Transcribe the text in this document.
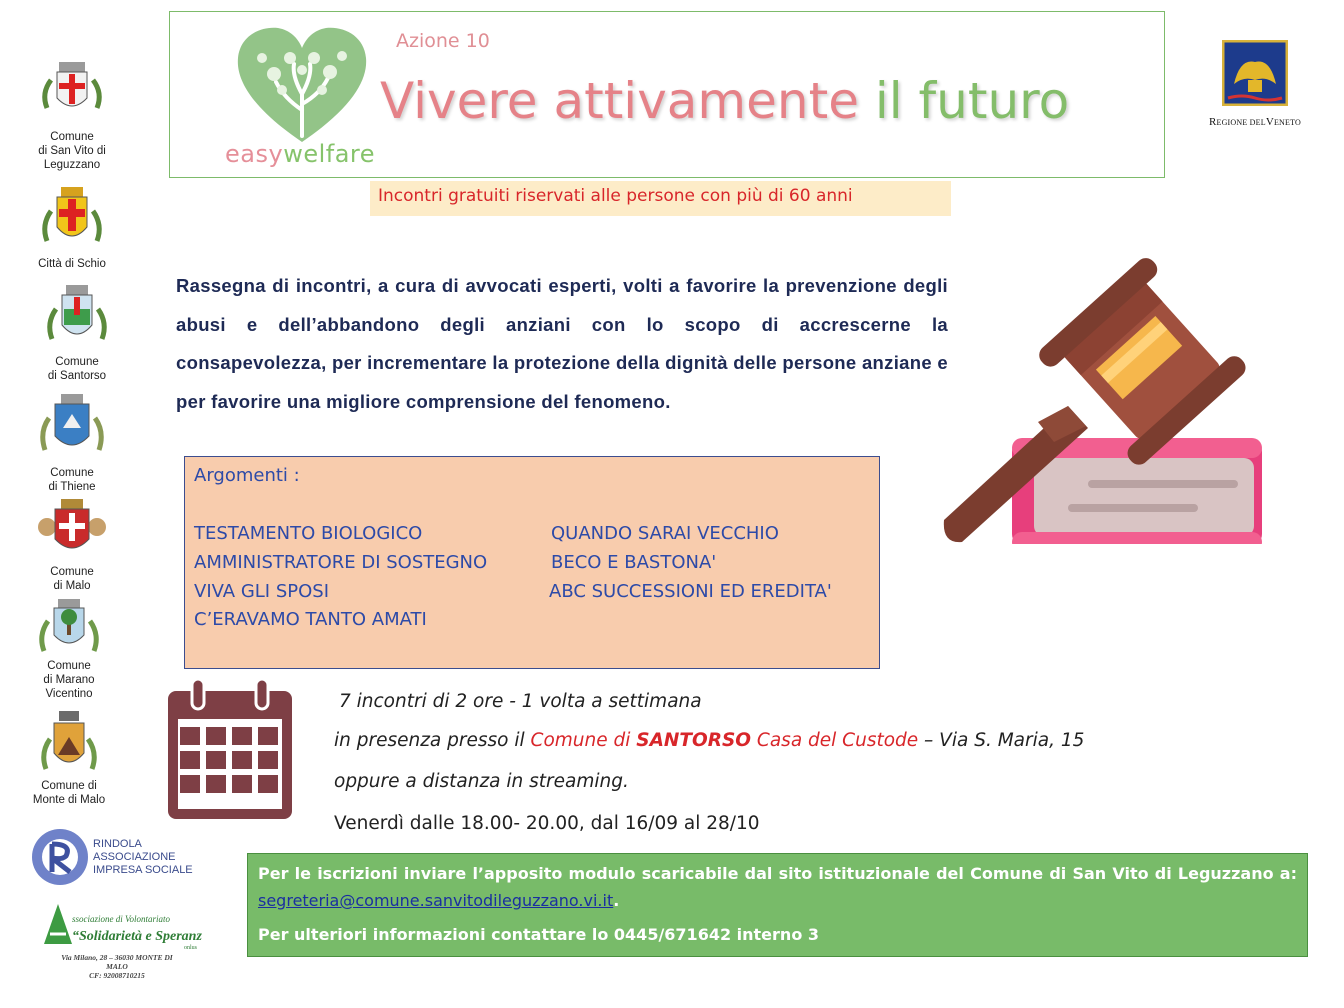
Comune
di San Vito di
Leguzzano
Città di Schio
Comune
di Santorso
Comune
di Thiene
Comune
di Malo
Comune
di Marano
Vicentino
Comune di
Monte di Malo
easywelfare
Azione 10
Vivere attivamente il futuro	REGIONE DELVENETO
Incontri gratuiti riservati alle persone con più di 60 anni
Rassegna di incontri, a cura di avvocati esperti, volti a favorire la prevenzione degli abusi e dell’abbandono degli anziani con lo scopo di accrescerne la consapevolezza, per incrementare la protezione della dignità delle persone anziane e per favorire una migliore comprensione del fenomeno.
Argomenti :
TESTAMENTO BIOLOGICO
AMMINISTRATORE DI SOSTEGNO
VIVA GLI SPOSI
C’ERAVAMO TANTO AMATI
QUANDO SARAI VECCHIO
BECO E BASTONA'
ABC SUCCESSIONI ED EREDITA'
7 incontri di 2 ore - 1 volta a settimana
in presenza presso il Comune di SANTORSO Casa del Custode – Via S. Maria, 15
oppure a distanza in streaming.
Venerdì dalle 18.00- 20.00, dal 16/09 al 28/10
RINDOLA
ASSOCIAZIONE
IMPRESA SOCIALE
ssociazione di Volontariato
“Solidarietà e Speranza”
onlus
Via Milano, 28 – 36030 MONTE DI MALO
CF: 92008710215
Per le iscrizioni inviare l’apposito modulo scaricabile dal sito istituzionale del Comune di San Vito di Leguzzano a:
segreteria@comune.sanvitodileguzzano.vi.it.
Per ulteriori informazioni contattare lo 0445/671642 interno 3
